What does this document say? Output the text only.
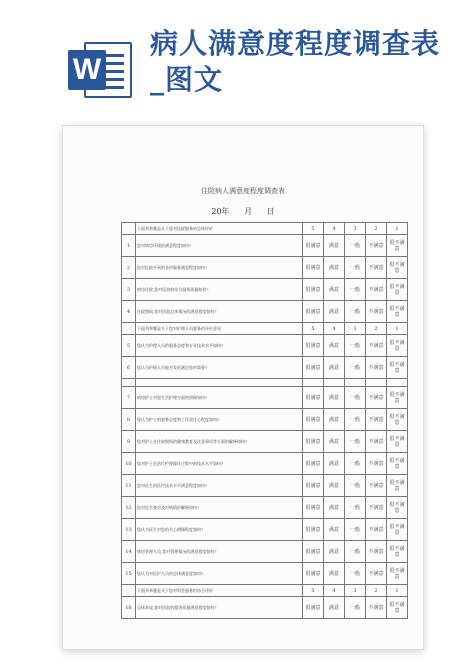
W
病人满意度程度调查表_图文
住院病人满意度程度调查表
20年 月 日
	下面列举题是关于您对医院服务的总体评价	5	4	3	2	1
1	您对病房环境的满意程度如何?	很满意	满意	一般	不满意	很不满意
2	您对医院开展的各项服务满意程度如何?	很满意	满意	一般	不满意	很不满意
3	病房住院,您对医院的综合服务质量如何?	很满意	满意	一般	不满意	很不满意
4	住院期间,您对医院总体情况的满意程度如何?	很满意	满意	一般	不满意	很不满意
	下面列举题是关于您对护理人员服务的评价意见	5	4	3	2	1
5	您认为护理人员的服务态度和专业技术水平如何?	很满意	满意	一般	不满意	很不满意
6	您认为护理人员能否及时满足您的需要?	很满意	满意	一般	不满意	很不满意

7	病房护士对您生活护理方面的照顾如何?	很满意	满意	一般	不满意	很不满意
8	您认为护士的服务态度和工作责任心程度如何?	很满意	满意	一般	不满意	很不满意
9	您对护士在住院期间的健康教育及注意事项等方面的解释如何?	很满意	满意	一般	不满意	很不满意
10	您对护士在治疗护理操作过程中的技术水平如何?	很满意	满意	一般	不满意	很不满意
11	您对医生的医疗技术水平满意程度如何?	很满意	满意	一般	不满意	很不满意
12	您对医生查房及对病情的解释如何?	很满意	满意	一般	不满意	很不满意
13	您认为医生对您的关心照顾程度如何?	很满意	满意	一般	不满意	很不满意
14	病房管理人员,您对管理情况的满意程度如何?	很满意	满意	一般	不满意	很不满意
15	您认为对医护人员的总体满意度如何?	很满意	满意	一般	不满意	很不满意
	下面列举题是关于您对科室服务的综合评价	5	4	3	2	1
16	总体来说,您对医院的服务质量满意程度如何?	很满意	满意	一般	不满意	很不满意
